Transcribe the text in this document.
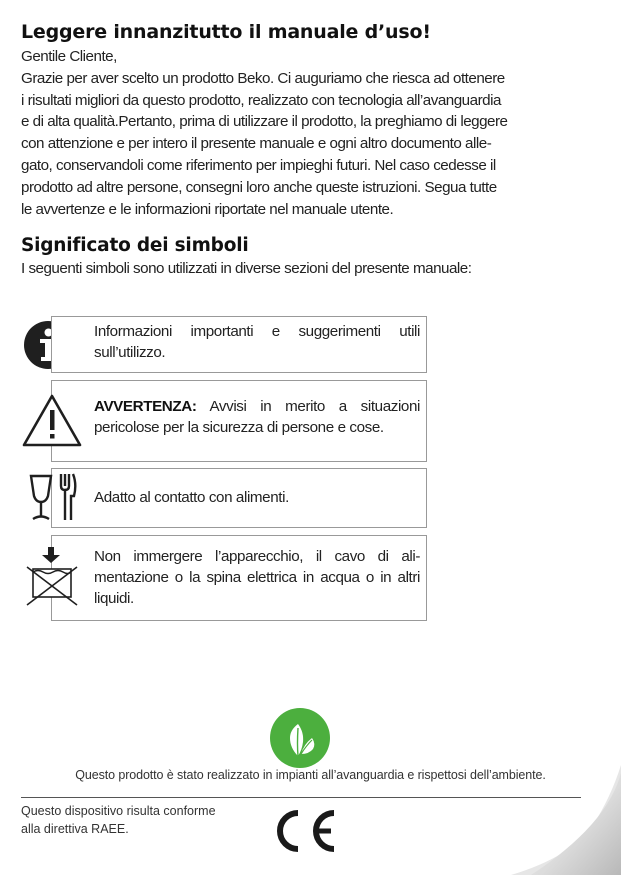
Leggere innanzitutto il manuale d’uso!

Gentile Cliente,
Grazie per aver scelto un prodotto Beko. Ci auguriamo che riesca ad ottenere
i risultati migliori da questo prodotto, realizzato con tecnologia all’avanguardia
e di alta qualità.Pertanto, prima di utilizzare il prodotto, la preghiamo di leggere
con attenzione e per intero il presente manuale e ogni altro documento alle-
gato, conservandoli come riferimento per impieghi futuri. Nel caso cedesse il
prodotto ad altre persone, consegni loro anche queste istruzioni. Segua tutte
le avvertenze e le informazioni riportate nel manuale utente.

Significato dei simboli

I seguenti simboli sono utilizzati in diverse sezioni del presente manuale:

Informazioni importanti e suggerimenti utili sull’utilizzo.
AVVERTENZA: Avvisi in merito a situazioni pericolose per la sicurezza di persone e cose.
Adatto al contatto con alimenti.
Non immergere l’apparecchio, il cavo di ali-mentazione o la spina elettrica in acqua o in altri liquidi.

Questo prodotto è stato realizzato in impianti all’avanguardia e rispettosi dell’ambiente.

Questo dispositivo risulta conforme
alla direttiva RAEE.
